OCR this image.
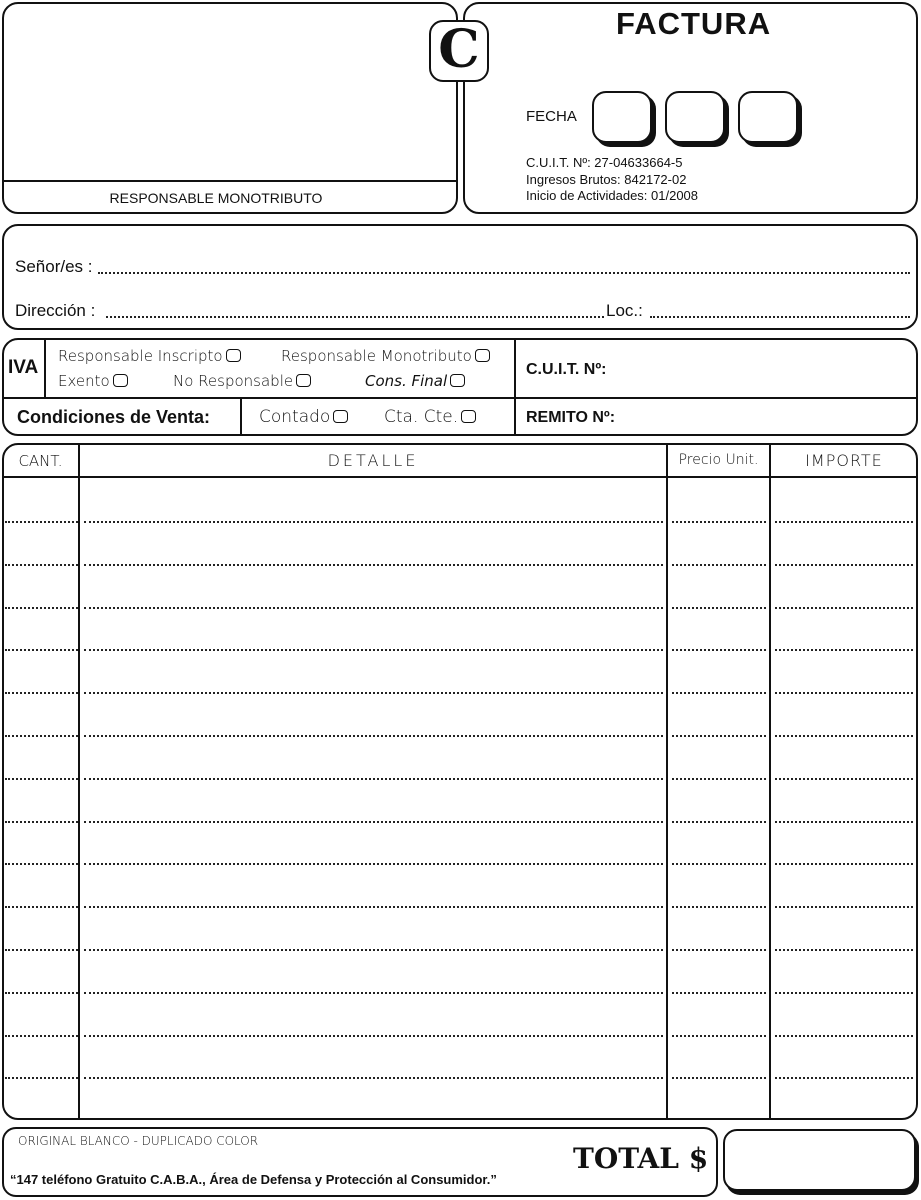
RESPONSABLE MONOTRIBUTO
C	FACTURA
FECHA
C.U.I.T. Nº: 27-04633664-5
Ingresos Brutos: 842172-02
Inicio de Actividades: 01/2008
Señor/es :
Dirección :	Loc.:
IVA
Responsable Inscripto	Responsable Monotributo
Exento	No Responsable	Cons. Final
C.U.I.T. Nº:
Condiciones de Venta:	Contado	Cta. Cte.	REMITO Nº:
CANT.	DETALLE	Precio Unit.	IMPORTE
ORIGINAL BLANCO - DUPLICADO COLOR
“147 teléfono Gratuito C.A.B.A., Área de Defensa y Protección al Consumidor.”
TOTAL $
